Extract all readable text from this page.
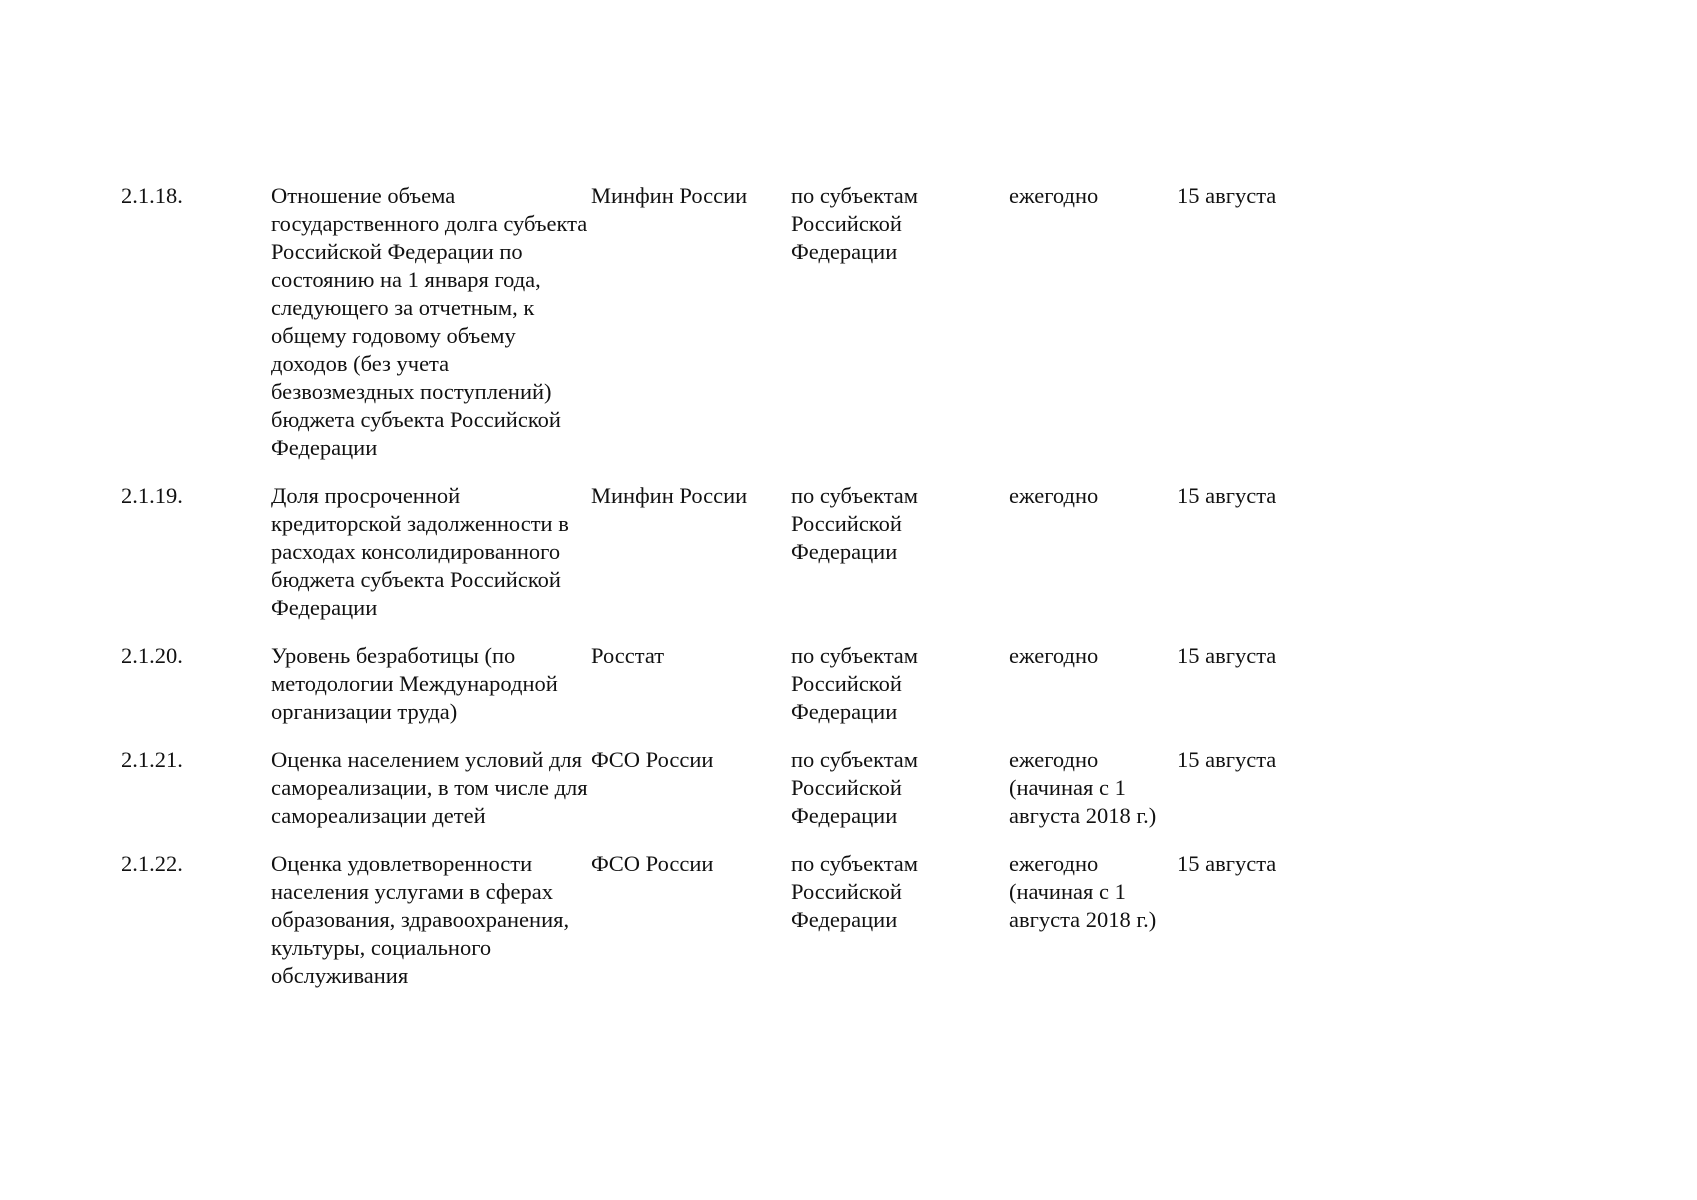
2.1.18.	Отношение объема государственного долга субъекта Российской Федерации по состоянию на 1 января года, следующего за отчетным, к общему годовому объему доходов (без учета безвозмездных поступлений) бюджета субъекта Российской Федерации	Минфин России	по субъектам Российской Федерации	ежегодно	15 августа
2.1.19.	Доля просроченной кредиторской задолженности в расходах консолидированного бюджета субъекта Российской Федерации	Минфин России	по субъектам Российской Федерации	ежегодно	15 августа
2.1.20.	Уровень безработицы (по методологии Международной организации труда)	Росстат	по субъектам Российской Федерации	ежегодно	15 августа
2.1.21.	Оценка населением условий для самореализации, в том числе для самореализации детей	ФСО России	по субъектам Российской Федерации	ежегодно (начиная с 1 августа 2018 г.)	15 августа
2.1.22.	Оценка удовлетворенности населения услугами в сферах образования, здравоохранения, культуры, социального обслуживания	ФСО России	по субъектам Российской Федерации	ежегодно (начиная с 1 августа 2018 г.)	15 августа
